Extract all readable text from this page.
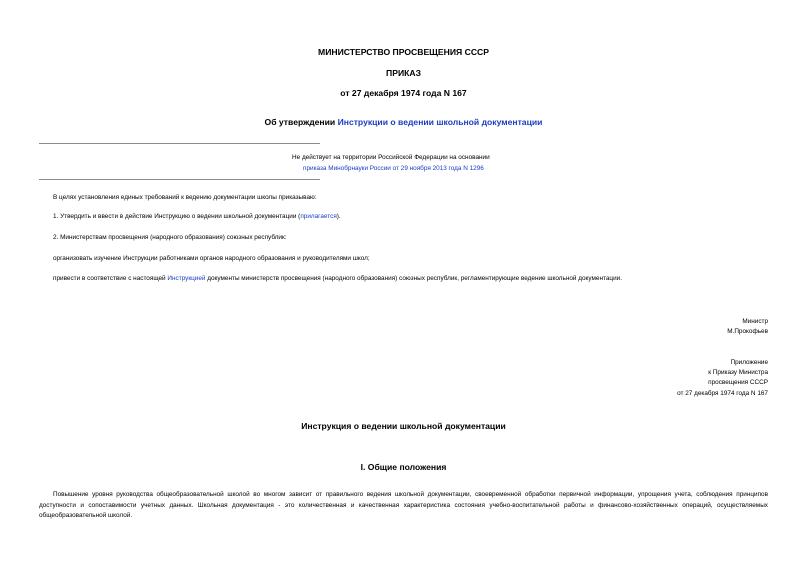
МИНИСТЕРСТВО ПРОСВЕЩЕНИЯ СССР
ПРИКАЗ
от 27 декабря 1974 года N 167
Об утверждении Инструкции о ведении школьной документации
Не действует на территории Российской Федерации на основании
приказа Минобрнауки России от 29 ноября 2013 года N 1296
В целях установления единых требований к ведению документации школы приказываю:
1. Утвердить и ввести в действие Инструкцию о ведении школьной документации (прилагается).
2. Министерствам просвещения (народного образования) союзных республик:
организовать изучение Инструкции работниками органов народного образования и руководителями школ;
привести в соответствие с настоящей Инструкцией документы министерств просвещения (народного образования) союзных республик, регламентирующие ведение школьной документации.
Министр
М.Прокофьев
Приложение
к Приказу Министра
просвещения СССР
от 27 декабря 1974 года N 167
Инструкция о ведении школьной документации
I. Общие положения
Повышение уровня руководства общеобразовательной школой во многом зависит от правильного ведения школьной документации, своевременной обработки первичной информации, упрощения учета, соблюдения принципов доступности и сопоставимости учетных данных. Школьная документация - это количественная и качественная характеристика состояния учебно-воспитательной работы и финансово-хозяйственных операций, осуществляемых общеобразовательной школой.
